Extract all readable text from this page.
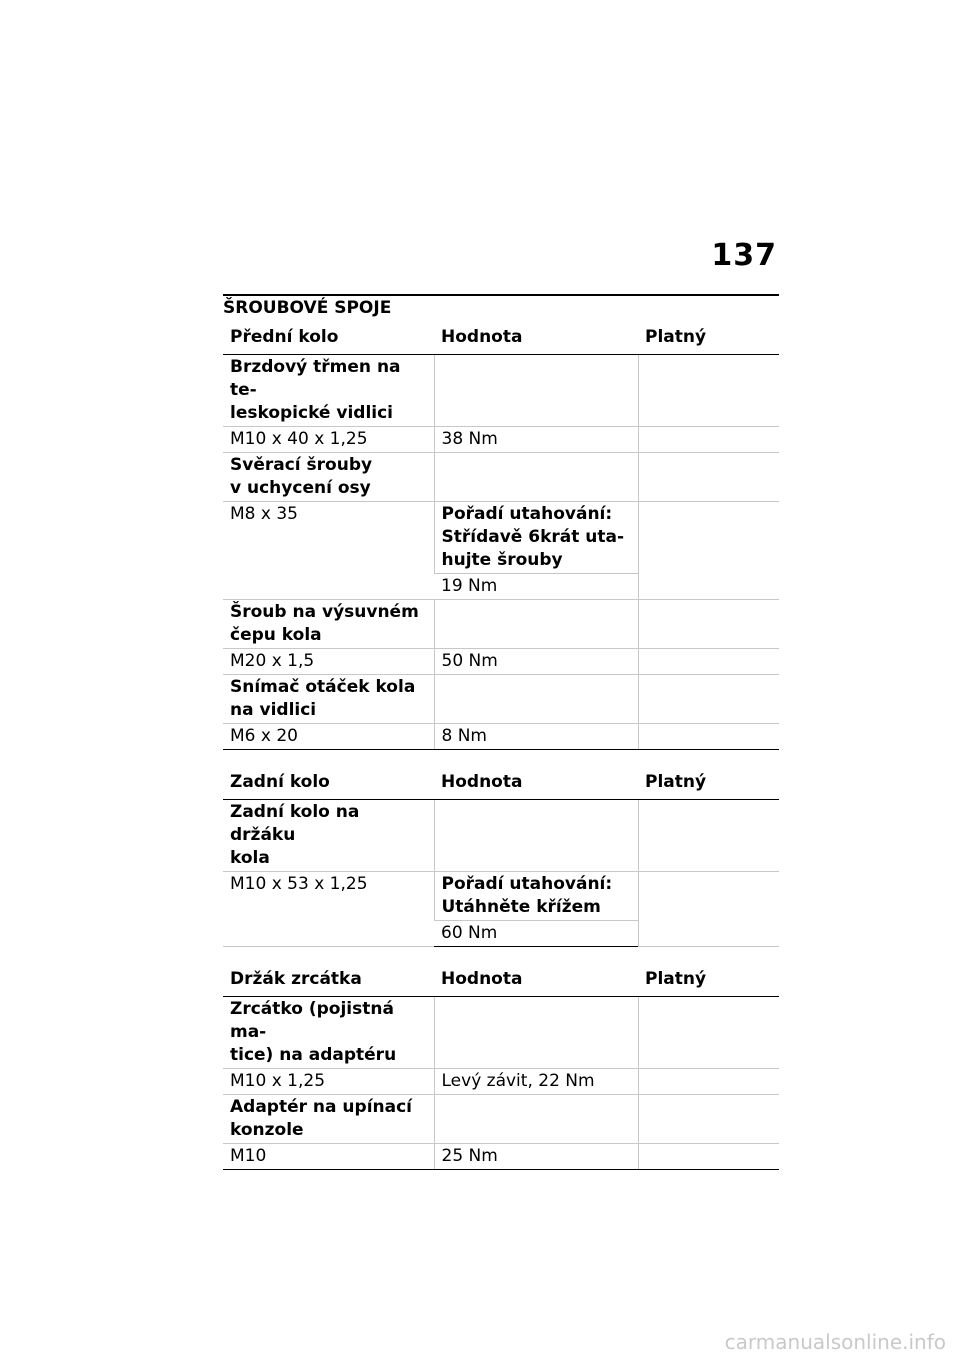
137
ŠROUBOVÉ SPOJE
Přední kolo	Hodnota	Platný
Brzdový třmen na te-
leskopické vidlici		
M10 x 40 x 1,25	38 Nm	
Svěrací šrouby
v uchycení osy		
M8 x 35	Pořadí utahování:
Střídavě 6krát uta-
hujte šrouby	
	19 Nm	
Šroub na výsuvném
čepu kola		
M20 x 1,5	50 Nm	
Snímač otáček kola
na vidlici		
M6 x 20	8 Nm	
Zadní kolo	Hodnota	Platný
Zadní kolo na držáku
kola		
M10 x 53 x 1,25	Pořadí utahování:
Utáhněte křížem	
	60 Nm	
Držák zrcátka	Hodnota	Platný
Zrcátko (pojistná ma-
tice) na adaptéru		
M10 x 1,25	Levý závit, 22 Nm	
Adaptér na upínací
konzole		
M10	25 Nm	
carmanualsonline.info
